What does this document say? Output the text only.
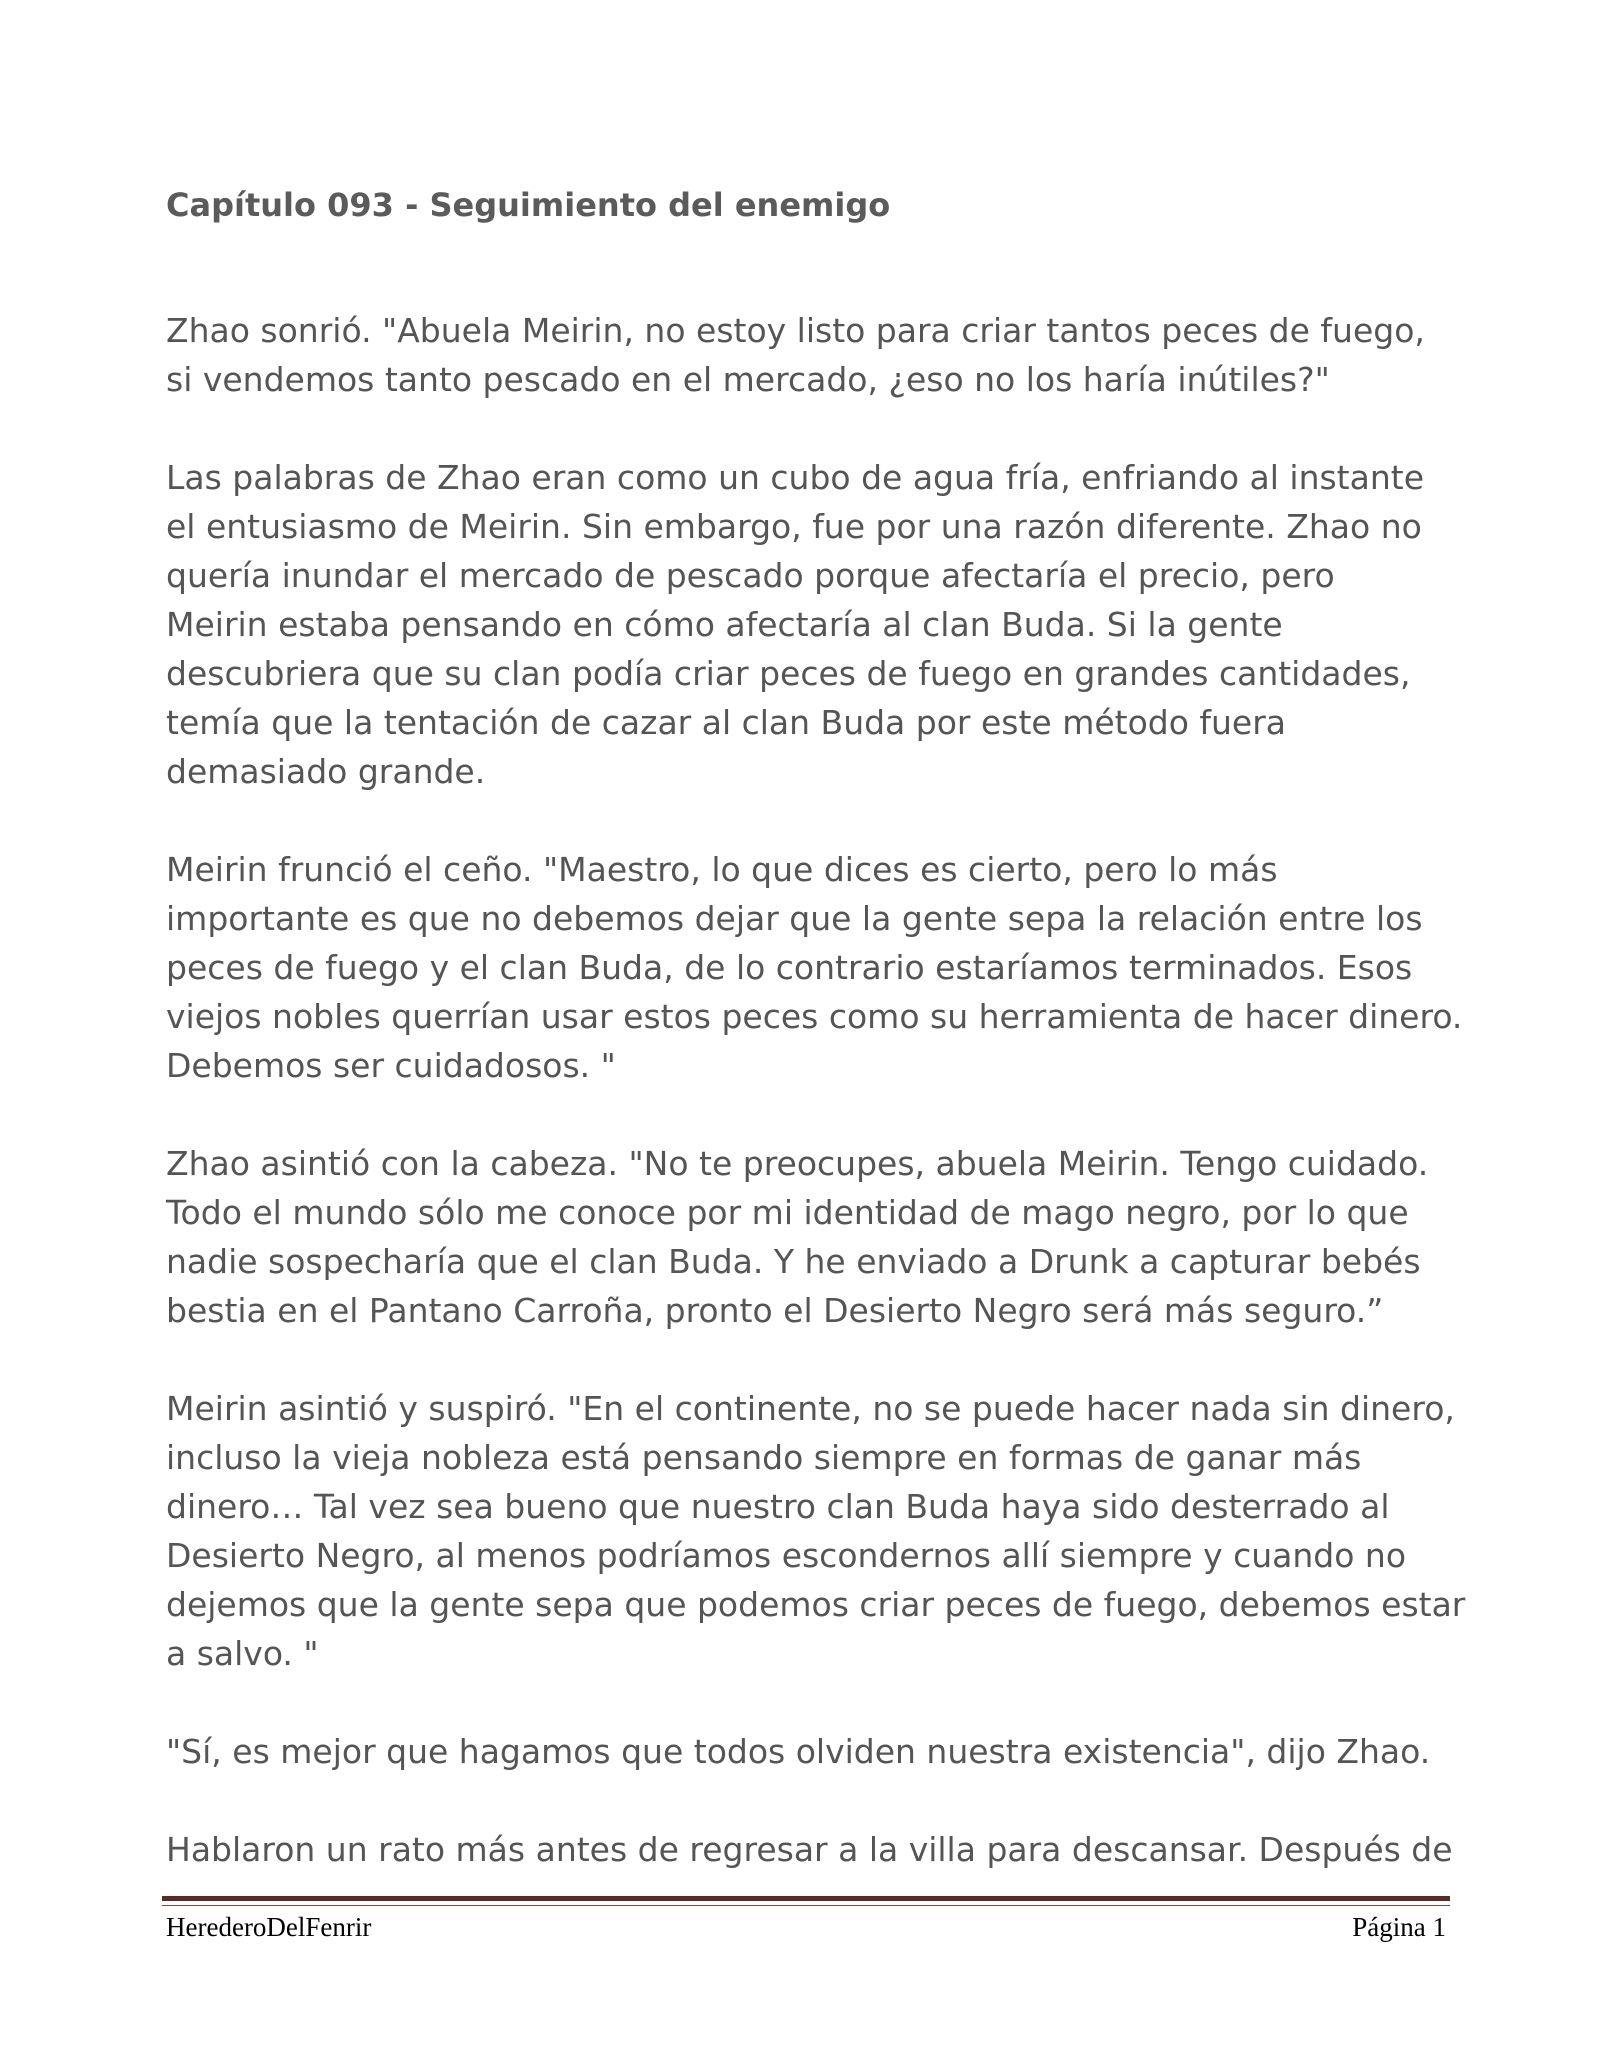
Capítulo 093 - Seguimiento del enemigo

Zhao sonrió. "Abuela Meirin, no estoy listo para criar tantos peces de fuego,
si vendemos tanto pescado en el mercado, ¿eso no los haría inútiles?"

Las palabras de Zhao eran como un cubo de agua fría, enfriando al instante
el entusiasmo de Meirin. Sin embargo, fue por una razón diferente. Zhao no
quería inundar el mercado de pescado porque afectaría el precio, pero
Meirin estaba pensando en cómo afectaría al clan Buda. Si la gente
descubriera que su clan podía criar peces de fuego en grandes cantidades,
temía que la tentación de cazar al clan Buda por este método fuera
demasiado grande.

Meirin frunció el ceño. "Maestro, lo que dices es cierto, pero lo más
importante es que no debemos dejar que la gente sepa la relación entre los
peces de fuego y el clan Buda, de lo contrario estaríamos terminados. Esos
viejos nobles querrían usar estos peces como su herramienta de hacer dinero.
Debemos ser cuidadosos. "

Zhao asintió con la cabeza. "No te preocupes, abuela Meirin. Tengo cuidado.
Todo el mundo sólo me conoce por mi identidad de mago negro, por lo que
nadie sospecharía que el clan Buda. Y he enviado a Drunk a capturar bebés
bestia en el Pantano Carroña, pronto el Desierto Negro será más seguro.”

Meirin asintió y suspiró. "En el continente, no se puede hacer nada sin dinero,
incluso la vieja nobleza está pensando siempre en formas de ganar más
dinero… Tal vez sea bueno que nuestro clan Buda haya sido desterrado al
Desierto Negro, al menos podríamos escondernos allí siempre y cuando no
dejemos que la gente sepa que podemos criar peces de fuego, debemos estar
a salvo. "

"Sí, es mejor que hagamos que todos olviden nuestra existencia", dijo Zhao.

Hablaron un rato más antes de regresar a la villa para descansar. Después de

HerederoDelFenrir	Página 1
